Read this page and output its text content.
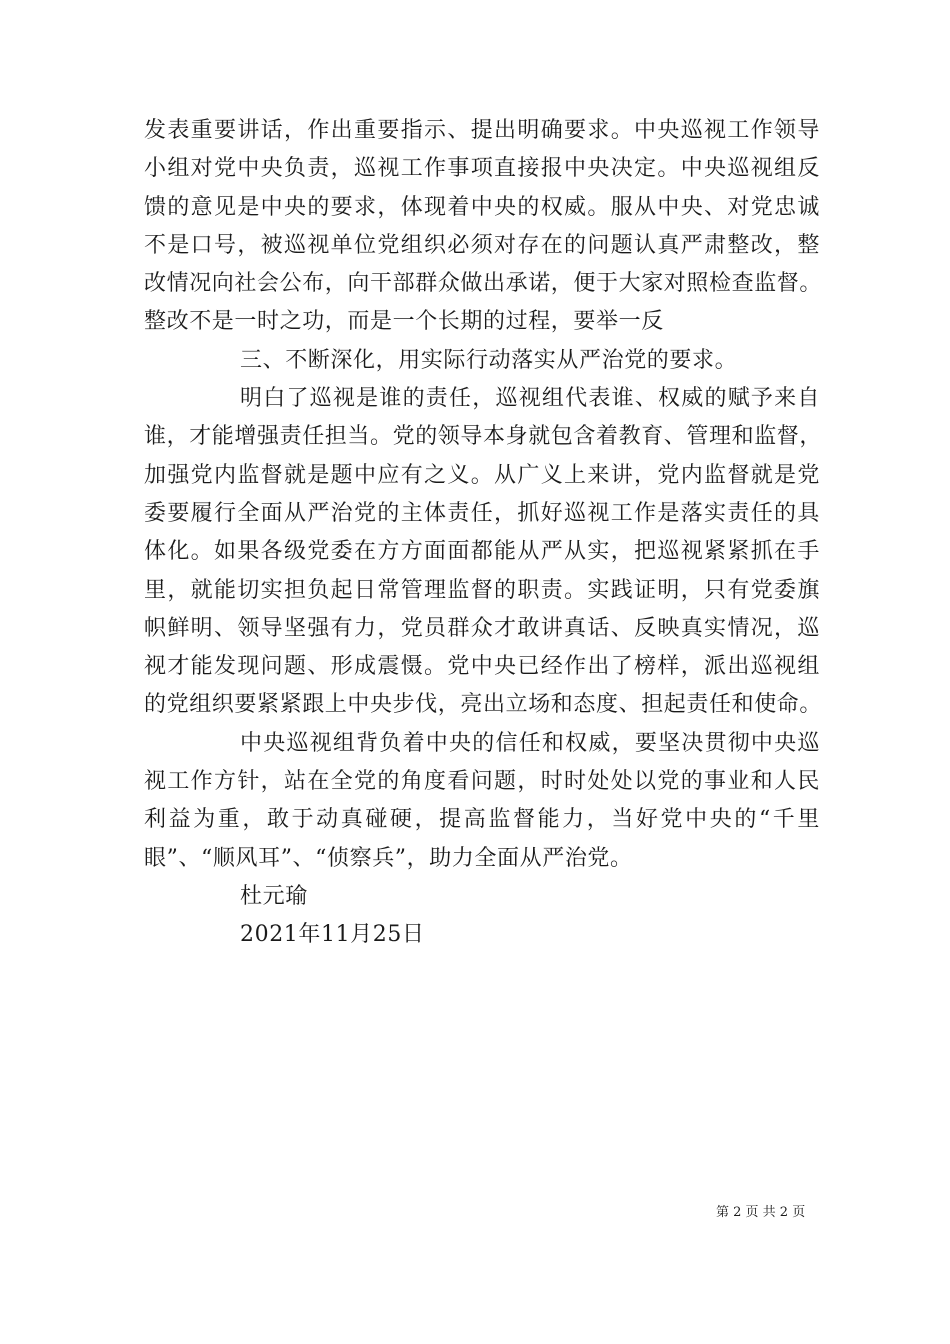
发表重要讲话，作出重要指示、提出明确要求。中央巡视工作领导
小组对党中央负责，巡视工作事项直接报中央决定。中央巡视组反
馈的意见是中央的要求，体现着中央的权威。服从中央、对党忠诚
不是口号，被巡视单位党组织必须对存在的问题认真严肃整改，整
改情况向社会公布，向干部群众做出承诺，便于大家对照检查监督。
整改不是一时之功，而是一个长期的过程，要举一反
三、不断深化，用实际行动落实从严治党的要求。
明白了巡视是谁的责任，巡视组代表谁、权威的赋予来自
谁，才能增强责任担当。党的领导本身就包含着教育、管理和监督，
加强党内监督就是题中应有之义。从广义上来讲，党内监督就是党
委要履行全面从严治党的主体责任，抓好巡视工作是落实责任的具
体化。如果各级党委在方方面面都能从严从实，把巡视紧紧抓在手
里，就能切实担负起日常管理监督的职责。实践证明，只有党委旗
帜鲜明、领导坚强有力，党员群众才敢讲真话、反映真实情况，巡
视才能发现问题、形成震慑。党中央已经作出了榜样，派出巡视组
的党组织要紧紧跟上中央步伐，亮出立场和态度、担起责任和使命。
中央巡视组背负着中央的信任和权威，要坚决贯彻中央巡
视工作方针，站在全党的角度看问题，时时处处以党的事业和人民
利益为重，敢于动真碰硬，提高监督能力，当好党中央的“千里
眼”、“顺风耳”、“侦察兵”，助力全面从严治党。
杜元瑜
2021年11月25日
第 2 页 共 2 页
